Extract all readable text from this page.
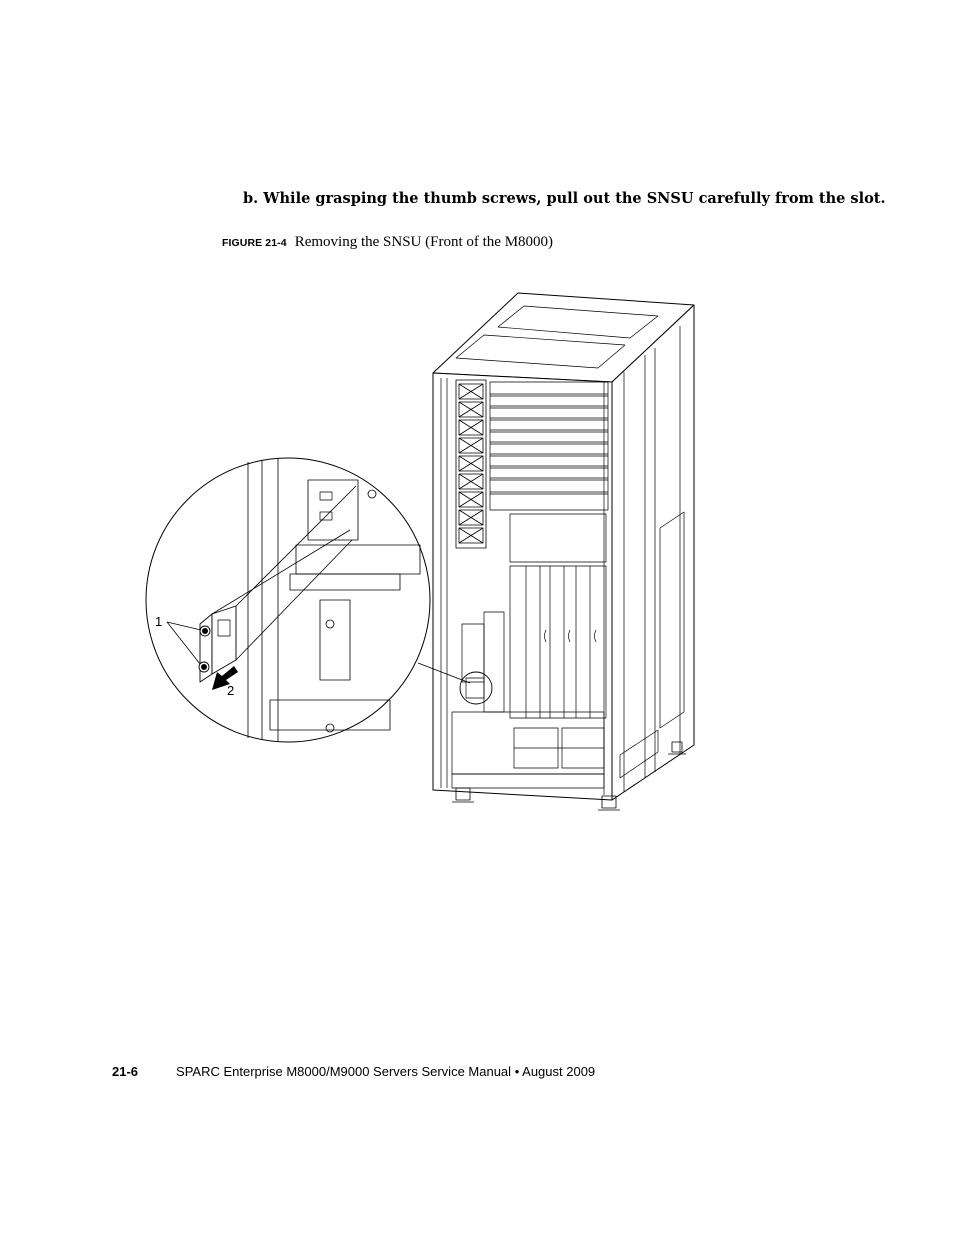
b. While grasping the thumb screws, pull out the SNSU carefully from the slot.

FIGURE 21-4 Removing the SNSU (Front of the M8000)
1
2
21-6	SPARC Enterprise M8000/M9000 Servers Service Manual • August 2009
